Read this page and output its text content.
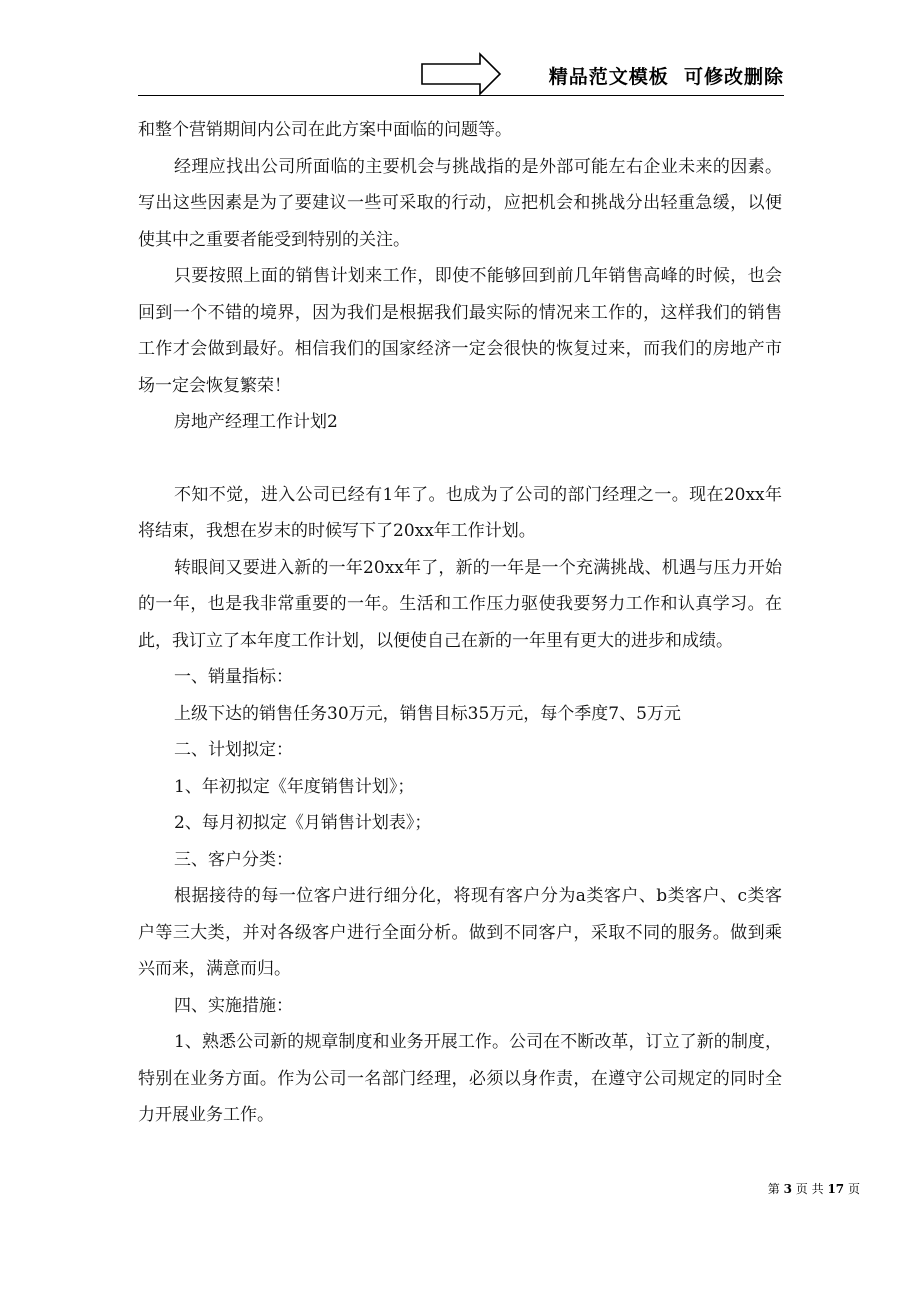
精品范文模板  可修改删除

和整个营销期间内公司在此方案中面临的问题等。

经理应找出公司所面临的主要机会与挑战指的是外部可能左右企业未来的因素。写出这些因素是为了要建议一些可采取的行动，应把机会和挑战分出轻重急缓，以便使其中之重要者能受到特别的关注。

只要按照上面的销售计划来工作，即使不能够回到前几年销售高峰的时候，也会回到一个不错的境界，因为我们是根据我们最实际的情况来工作的，这样我们的销售工作才会做到最好。相信我们的国家经济一定会很快的恢复过来，而我们的房地产市场一定会恢复繁荣！

房地产经理工作计划2

不知不觉，进入公司已经有1年了。也成为了公司的部门经理之一。现在20xx年将结束，我想在岁末的时候写下了20xx年工作计划。

转眼间又要进入新的一年20xx年了，新的一年是一个充满挑战、机遇与压力开始的一年，也是我非常重要的一年。生活和工作压力驱使我要努力工作和认真学习。在此，我订立了本年度工作计划，以便使自己在新的一年里有更大的进步和成绩。

一、销量指标：

上级下达的销售任务30万元，销售目标35万元，每个季度7、5万元

二、计划拟定：

1、年初拟定《年度销售计划》；

2、每月初拟定《月销售计划表》；

三、客户分类：

根据接待的每一位客户进行细分化，将现有客户分为a类客户、b类客户、c类客户等三大类，并对各级客户进行全面分析。做到不同客户，采取不同的服务。做到乘兴而来，满意而归。

四、实施措施：

1、熟悉公司新的规章制度和业务开展工作。公司在不断改革，订立了新的制度，特别在业务方面。作为公司一名部门经理，必须以身作责，在遵守公司规定的同时全力开展业务工作。

第 3 页 共 17 页
